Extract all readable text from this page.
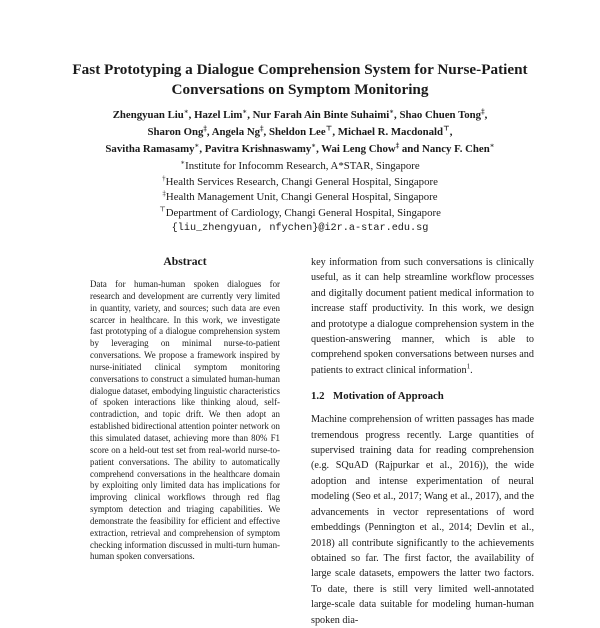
Fast Prototyping a Dialogue Comprehension System for Nurse-Patient
Conversations on Symptom Monitoring
Zhengyuan Liu∗, Hazel Lim∗, Nur Farah Ain Binte Suhaimi∗, Shao Chuen Tong‡,
Sharon Ong‡, Angela Ng‡, Sheldon Lee⊤, Michael R. Macdonald⊤,
Savitha Ramasamy∗, Pavitra Krishnaswamy∗, Wai Leng Chow‡ and Nancy F. Chen∗
∗Institute for Infocomm Research, A*STAR, Singapore
†Health Services Research, Changi General Hospital, Singapore
‡Health Management Unit, Changi General Hospital, Singapore
⊤Department of Cardiology, Changi General Hospital, Singapore
{liu_zhengyuan, nfychen}@i2r.a-star.edu.sg
Abstract

Data for human-human spoken dialogues for research and development are currently very limited in quantity, variety, and sources; such data are even scarcer in healthcare. In this work, we investigate fast prototyping of a dialogue comprehension system by leveraging on minimal nurse-to-patient conversations. We propose a framework inspired by nurse-initiated clinical symptom monitoring conversations to construct a simulated human-human dialogue dataset, embodying linguistic characteristics of spoken interactions like thinking aloud, self-contradiction, and topic drift. We then adopt an established bidirectional attention pointer network on this simulated dataset, achieving more than 80% F1 score on a held-out test set from real-world nurse-to-patient conversations. The ability to automatically comprehend conversations in the healthcare domain by exploiting only limited data has implications for improving clinical workflows through red flag symptom detection and triaging capabilities. We demonstrate the feasibility for efficient and effective extraction, retrieval and comprehension of symptom checking information discussed in multi-turn human-human spoken conversations.

key information from such conversations is clinically useful, as it can help streamline workflow processes and digitally document patient medical information to increase staff productivity. In this work, we design and prototype a dialogue comprehension system in the question-answering manner, which is able to comprehend spoken conversations between nurses and patients to extract clinical information$^1$.

1.2 Motivation of Approach

Machine comprehension of written passages has made tremendous progress recently. Large quantities of supervised training data for reading comprehension (e.g. SQuAD (Rajpurkar et al., 2016)), the wide adoption and intense experimentation of neural modeling (Seo et al., 2017; Wang et al., 2017), and the advancements in vector representations of word embeddings (Pennington et al., 2014; Devlin et al., 2018) all contribute significantly to the achievements obtained so far. The first factor, the availability of large scale datasets, empowers the latter two factors. To date, there is still very limited well-annotated large-scale data suitable for modeling human-human spoken dia-
